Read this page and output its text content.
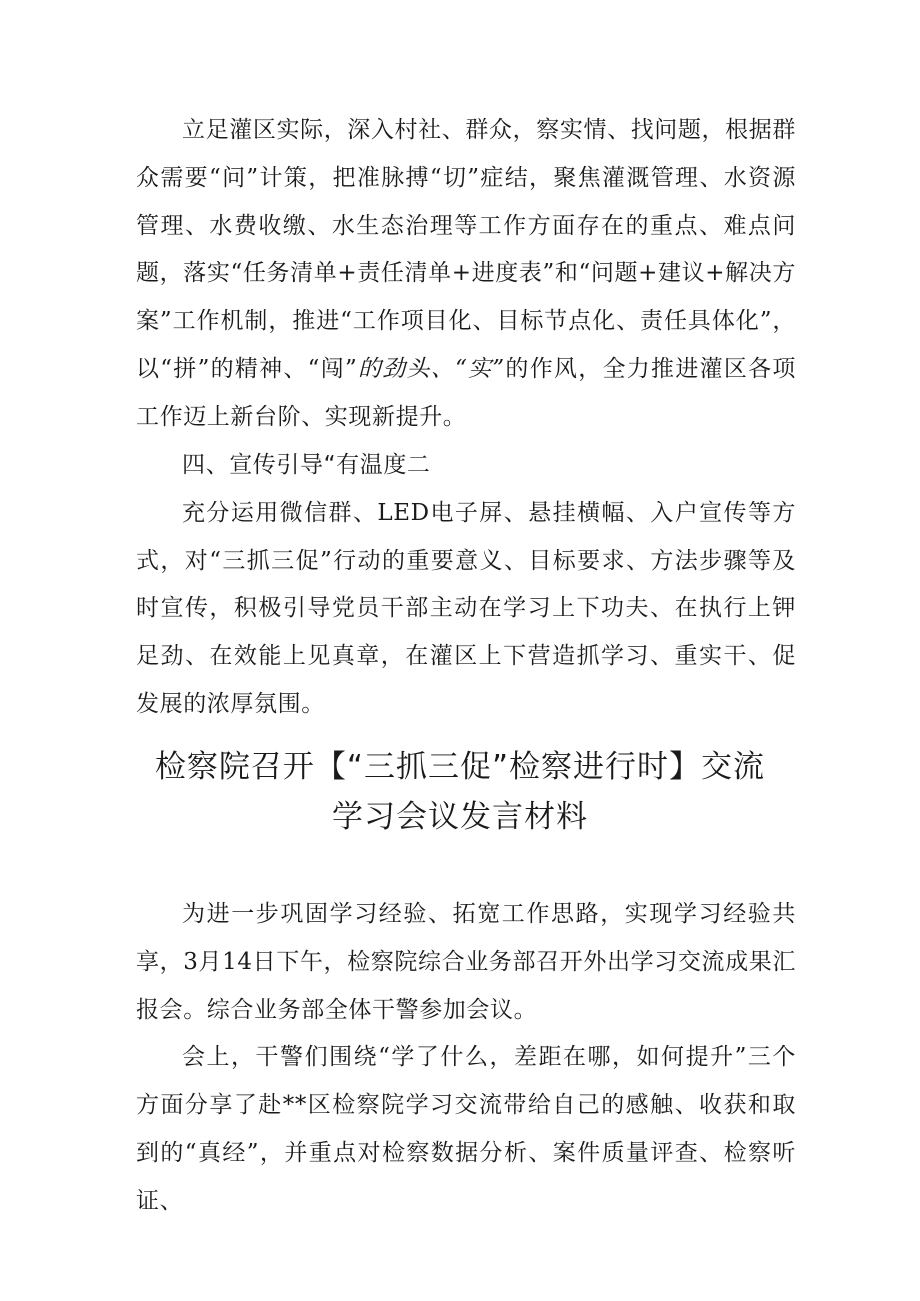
立足灌区实际，深入村社、群众，察实情、找问题，根据群众需要“问”计策，把准脉搏“切”症结，聚焦灌溉管理、水资源管理、水费收缴、水生态治理等工作方面存在的重点、难点问题，落实“任务清单+责任清单+进度表”和“问题+建议+解决方案”工作机制，推进“工作项目化、目标节点化、责任具体化”，以“拼”的精神、“闯”的劲头、“实”的作风，全力推进灌区各项工作迈上新台阶、实现新提升。

四、宣传引导“有温度二

充分运用微信群、LED电子屏、悬挂横幅、入户宣传等方式，对“三抓三促”行动的重要意义、目标要求、方法步骤等及时宣传，积极引导党员干部主动在学习上下功夫、在执行上钾足劲、在效能上见真章，在灌区上下营造抓学习、重实干、促发展的浓厚氛围。

检察院召开【“三抓三促”检察进行时】交流
学习会议发言材料

为进一步巩固学习经验、拓宽工作思路，实现学习经验共享，3月14日下午，检察院综合业务部召开外出学习交流成果汇报会。综合业务部全体干警参加会议。

会上，干警们围绕“学了什么，差距在哪，如何提升”三个方面分享了赴**区检察院学习交流带给自己的感触、收获和取到的“真经”，并重点对检察数据分析、案件质量评查、检察听证、
